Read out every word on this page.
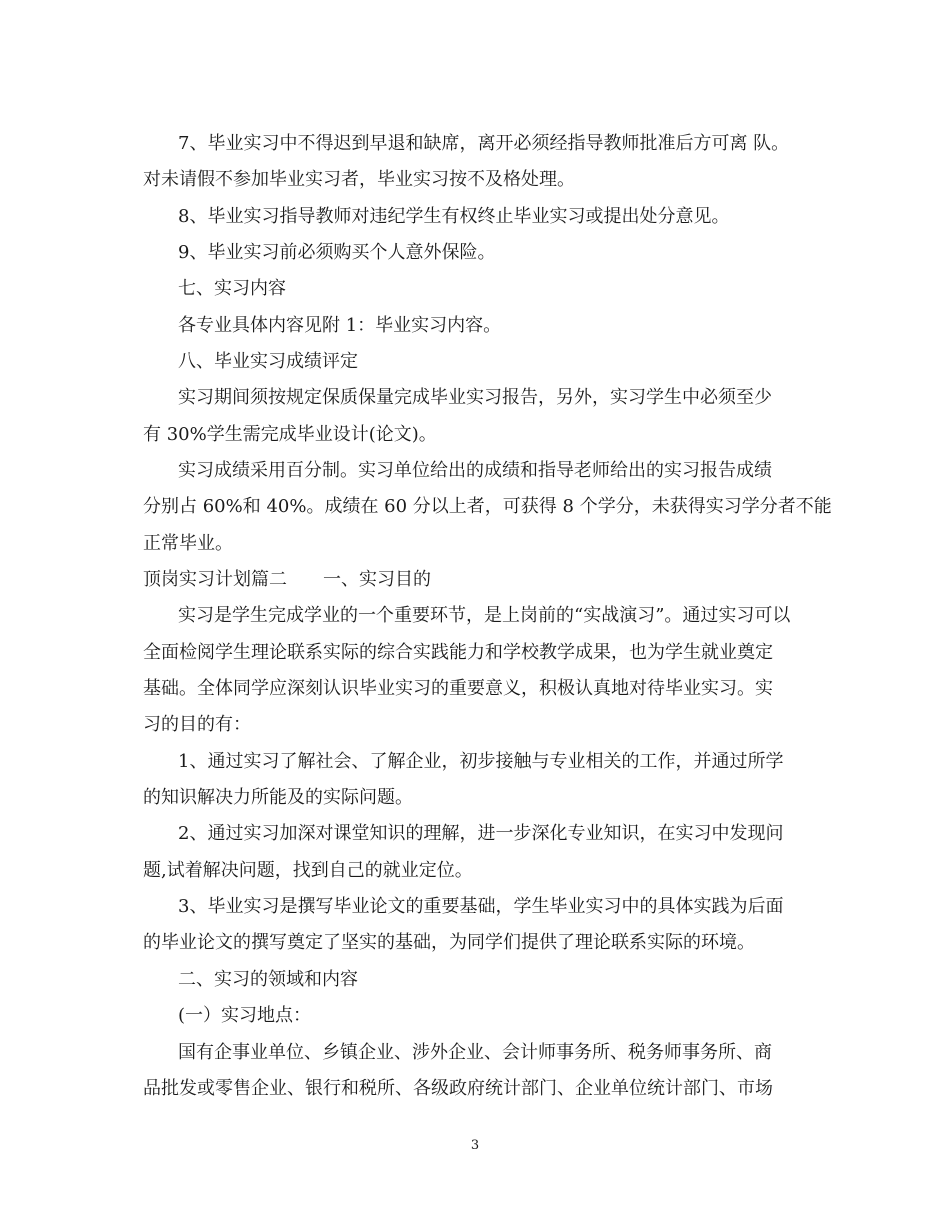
7、毕业实习中不得迟到早退和缺席，离开必须经指导教师批准后方可离 队。
对未请假不参加毕业实习者，毕业实习按不及格处理。
8、毕业实习指导教师对违纪学生有权终止毕业实习或提出处分意见。
9、毕业实习前必须购买个人意外保险。
七、实习内容
各专业具体内容见附 1：毕业实习内容。
八、毕业实习成绩评定
实习期间须按规定保质保量完成毕业实习报告，另外，实习学生中必须至少
有 30%学生需完成毕业设计(论文)。
实习成绩采用百分制。实习单位给出的成绩和指导老师给出的实习报告成绩
分别占 60%和 40%。成绩在 60 分以上者，可获得 8 个学分，未获得实习学分者不能
正常毕业。
顶岗实习计划篇二　　一、实习目的
实习是学生完成学业的一个重要环节，是上岗前的“实战演习”。通过实习可以
全面检阅学生理论联系实际的综合实践能力和学校教学成果，也为学生就业奠定
基础。全体同学应深刻认识毕业实习的重要意义，积极认真地对待毕业实习。实
习的目的有：
1、通过实习了解社会、了解企业，初步接触与专业相关的工作，并通过所学
的知识解决力所能及的实际问题。
2、通过实习加深对课堂知识的理解，进一步深化专业知识，在实习中发现问
题,试着解决问题，找到自己的就业定位。
3、毕业实习是撰写毕业论文的重要基础，学生毕业实习中的具体实践为后面
的毕业论文的撰写奠定了坚实的基础，为同学们提供了理论联系实际的环境。
二、实习的领域和内容
(一）实习地点：
国有企事业单位、乡镇企业、涉外企业、会计师事务所、税务师事务所、商
品批发或零售企业、银行和税所、各级政府统计部门、企业单位统计部门、市场
3
